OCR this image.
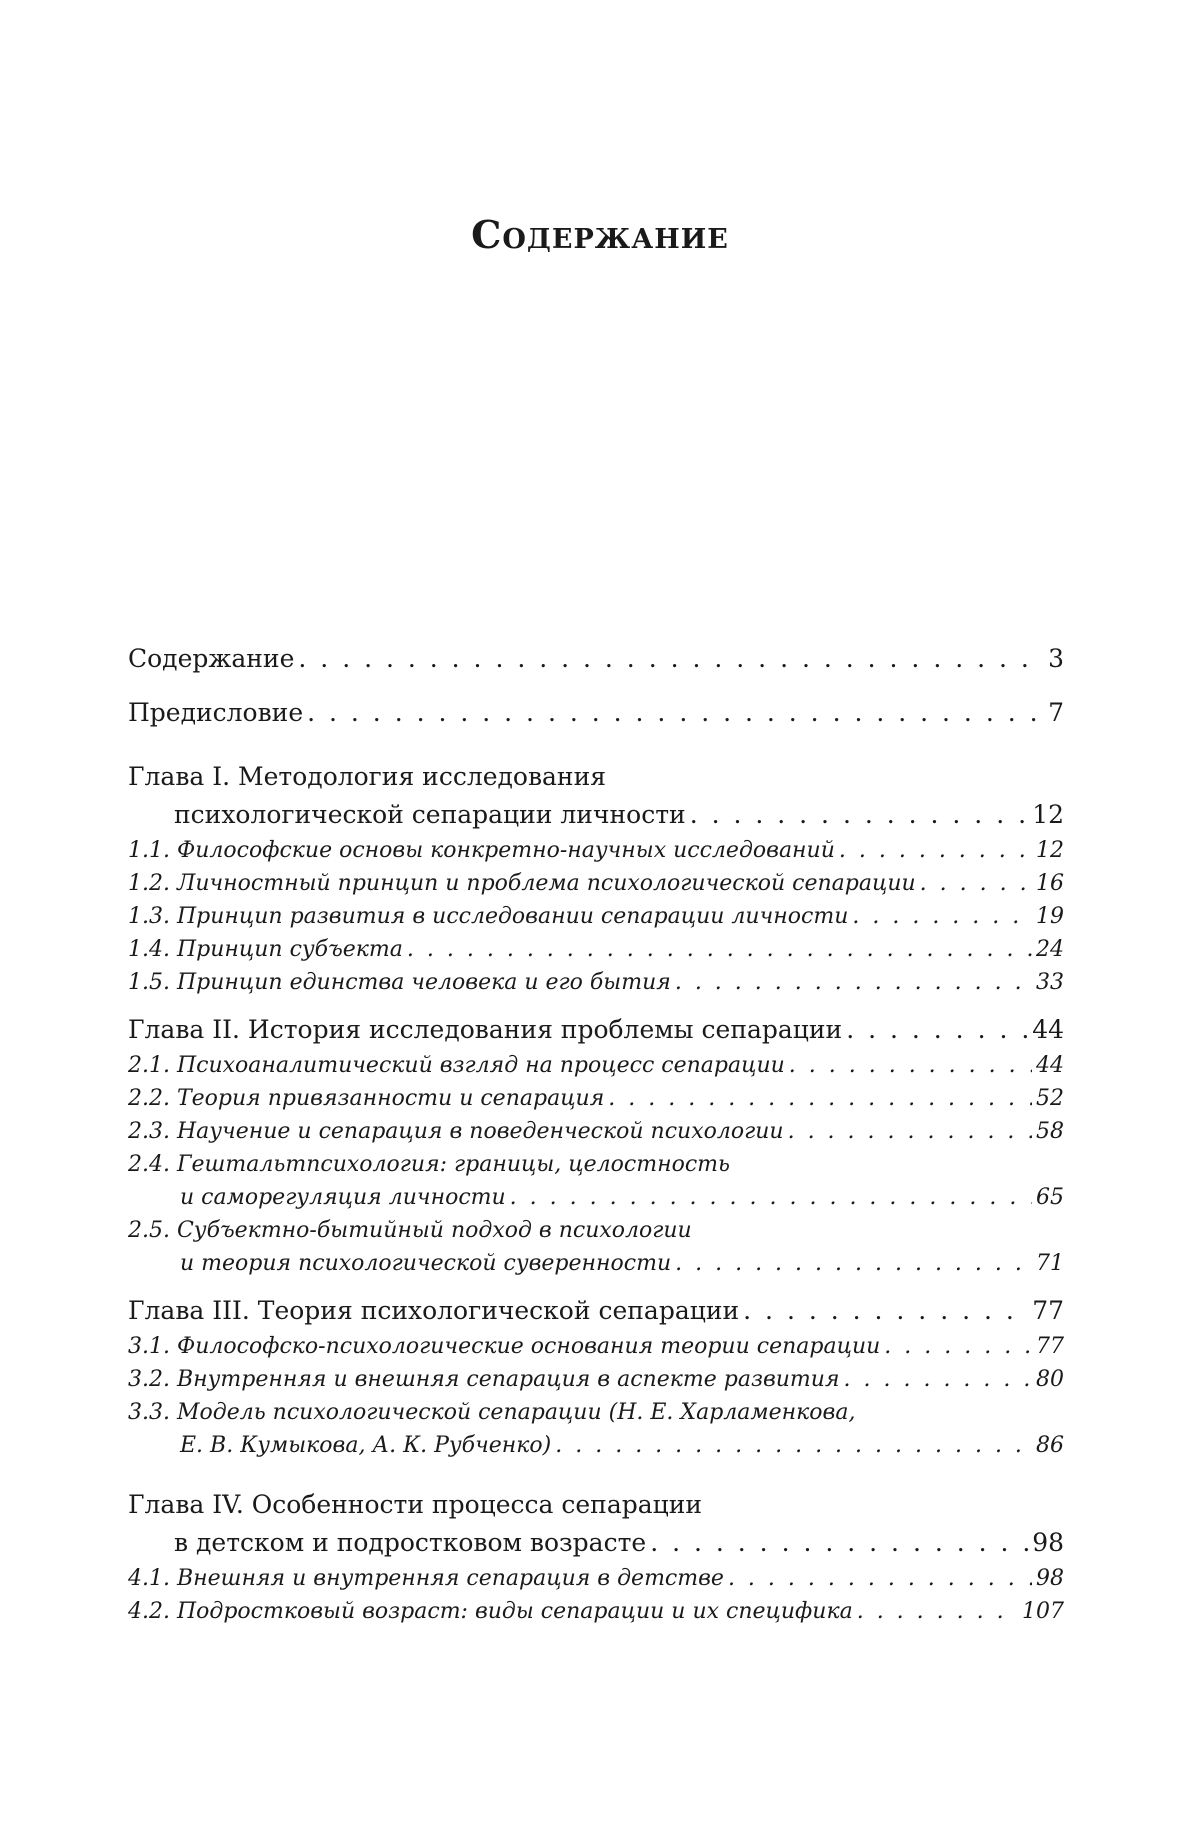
Содержание
Содержание . . .	3
Предисловие . . .	7
Глава I. Методология исследования
психологической сепарации личности . . .	12
1.1. Философские основы конкретно-научных исследований . . .	12
1.2. Личностный принцип и проблема психологической сепарации . . .	16
1.3. Принцип развития в исследовании сепарации личности . . .	19
1.4. Принцип субъекта . . .	24
1.5. Принцип единства человека и его бытия . . .	33
Глава II. История исследования проблемы сепарации . . .	44
2.1. Психоаналитический взгляд на процесс сепарации . . .	44
2.2. Теория привязанности и сепарация . . .	52
2.3. Научение и сепарация в поведенческой психологии . . .	58
2.4. Гештальтпсихология: границы, целостность
и саморегуляция личности . . .	65
2.5. Субъектно-бытийный подход в психологии
и теория психологической суверенности . . .	71
Глава III. Теория психологической сепарации . . .	77
3.1. Философско-психологические основания теории сепарации . . .	77
3.2. Внутренняя и внешняя сепарация в аспекте развития . . .	80
3.3. Модель психологической сепарации (Н. Е. Харламенкова,
Е. В. Кумыкова, А. К. Рубченко) . . .	86
Глава IV. Особенности процесса сепарации
в детском и подростковом возрасте . . .	98
4.1. Внешняя и внутренняя сепарация в детстве . . .	98
4.2. Подростковый возраст: виды сепарации и их специфика . . .	107
